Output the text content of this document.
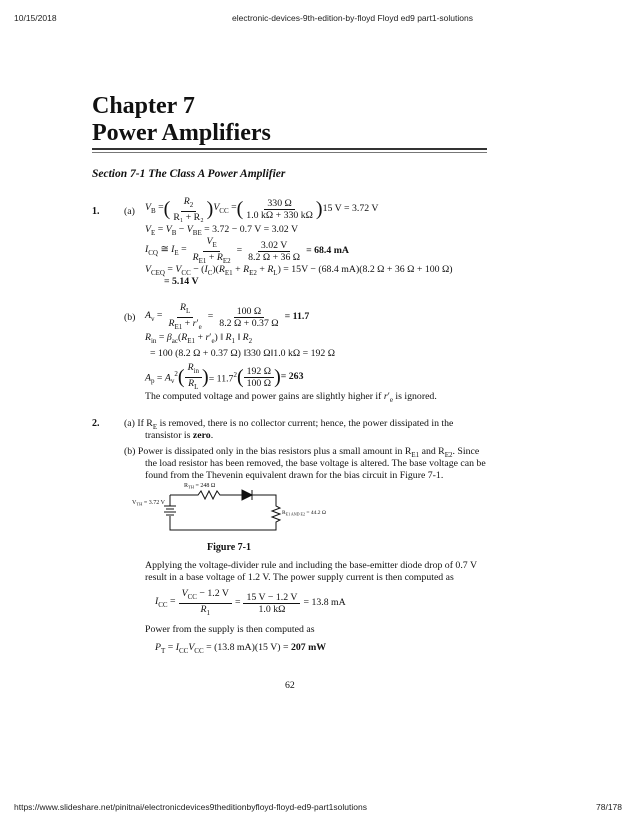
10/15/2018	electronic-devices-9th-edition-by-floyd Floyd ed9 part1-solutions
https://www.slideshare.net/pinitnai/electronicdevices9theditionbyfloyd-floyd-ed9-part1solutions	78/178
Chapter 7
Power Amplifiers
Section 7-1 The Class A Power Amplifier
1.	(a) $V_B$ = ( $\frac{R_2}{\text{R₁ + R₂}}$ ) $V_{CC}$ = ( $\frac{330 \Omega}{1.0 k\Omega + 330 k\Omega}$ ) 15 V = 3.72 V
$V_E = V_B - V_{BE} = 3.72 - 0.7$ V = 3.02 V
$I_{CQ}$ ≅ $I_E = \frac{V_E}{R_{E1} + R_{E2}} = \frac{3.02 V}{8.2 \Omega + 36 \Omega} = 68.4$ mA
$V_{CEQ} = V_{CC} - (I_C)(R_{E1} + R_{E2} + R_L) = 15V - (68.4$ mA)(8.2 Ω + 36 Ω + 100 Ω)
= 5.14 V
(b) $A_v = \frac{R_L}{R_{E1} + r'_e} = \frac{100 \Omega}{8.2 \Omega + 0.37 \Omega} = 11.7$
$R_{in} = \beta_{ac}(R_{E1} + r'_e)$ ‖ $R_1$ ‖ $R_2$
= 100 (8.2 Ω + 0.37 Ω) ‖330 Ω‖1.0 kΩ = 192 Ω
$A_p = A_v^2$ ( $\frac{R_{in}}{R_L}$ ) = $11.7^2$ ( $\frac{192 \Omega}{100 \Omega}$ ) = 263
The computed voltage and power gains are slightly higher if $r'_e$ is ignored.
2.	(a) If $R_E$ is removed, there is no collector current; hence, the power dissipated in the
transistor is zero.
(b) Power is dissipated only in the bias resistors plus a small amount in $R_{E1}$ and $R_{E2}$. Since
the load resistor has been removed, the base voltage is altered. The base voltage can be
found from the Thevenin equivalent drawn for the bias circuit in Figure 7-1.
$R_{TH} = 248$ Ω
$V_{TH} = 3.72$ V
$R_{E1 AND E2} = 44.2$ Ω
Figure 7-1
Applying the voltage-divider rule and including the base-emitter diode drop of 0.7 V
result in a base voltage of 1.2 V. The power supply current is then computed as
$I_{CC} = \frac{V_{CC} - 1.2 V}{R_1} = \frac{15 V - 1.2 V}{1.0 k\Omega} = 13.8$ mA
Power from the supply is then computed as
$P_T = I_{CC}V_{CC} = (13.8$ mA)(15 V) = 207 mW
62
